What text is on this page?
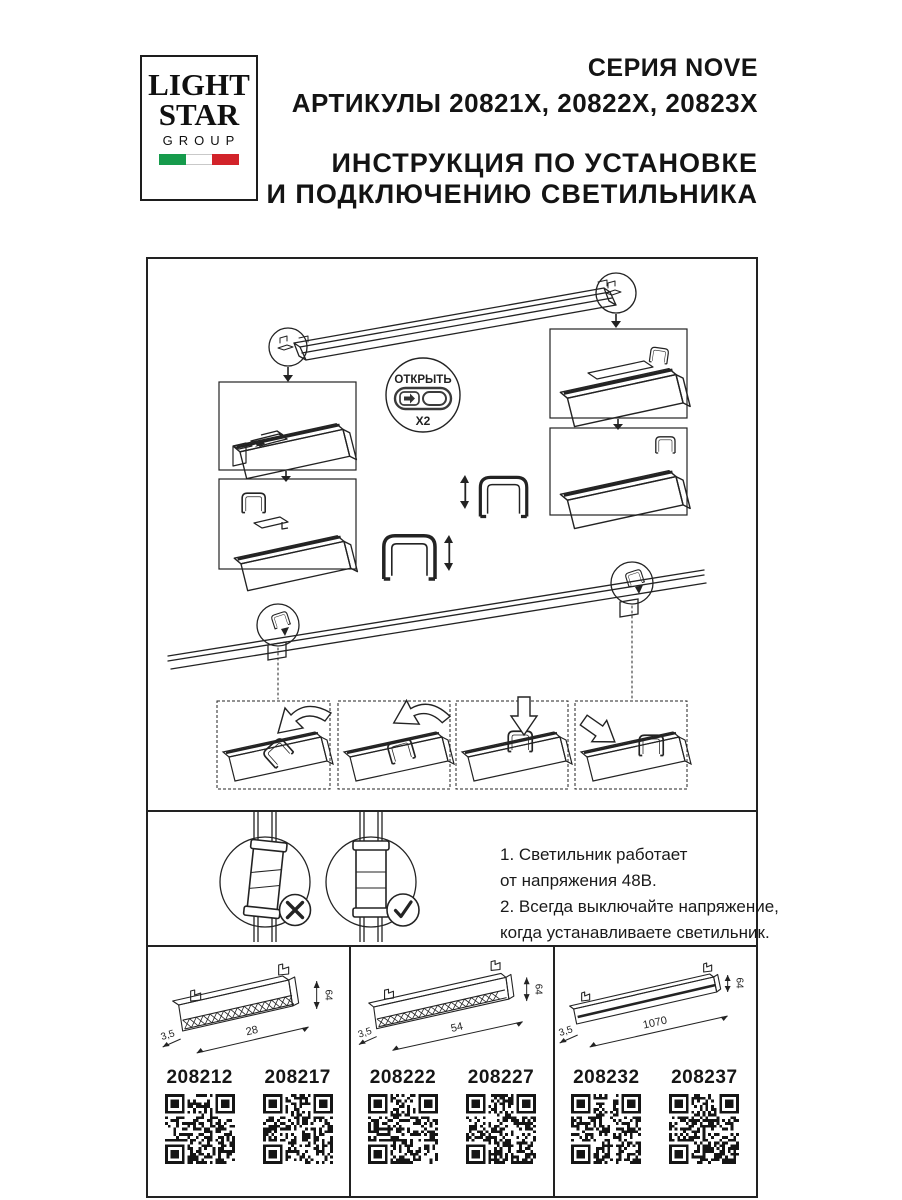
LIGHT
STAR
GROUP
СЕРИЯ NOVE
АРТИКУЛЫ 20821X, 20822X, 20823X
ИНСТРУКЦИЯ ПО УСТАНОВКЕ
И ПОДКЛЮЧЕНИЮ СВЕТИЛЬНИКА
ОТКРЫТЬ
X2
1. Светильник работает
от напряжения 48В.
2. Всегда выключайте напряжение,
когда устанавливаете светильник.
3,5	28
64
208212	208217
3,5	54
64
208222	208227
3,5
1070
64
208232	208237
